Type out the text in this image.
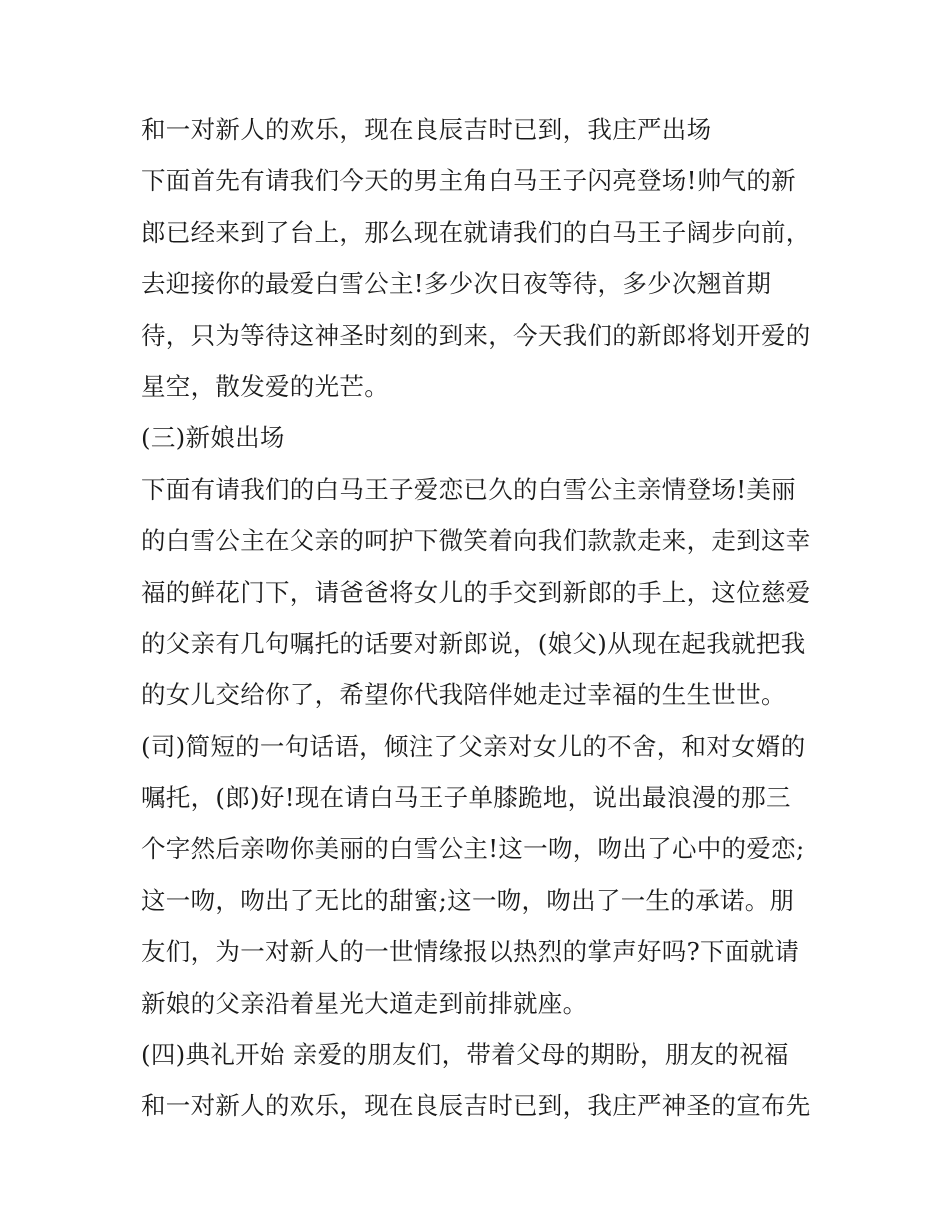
和一对新人的欢乐，现在良辰吉时已到，我庄严出场
下面首先有请我们今天的男主角白马王子闪亮登场!帅气的新
郎已经来到了台上，那么现在就请我们的白马王子阔步向前，
去迎接你的最爱白雪公主!多少次日夜等待，多少次翘首期
待，只为等待这神圣时刻的到来，今天我们的新郎将划开爱的
星空，散发爱的光芒。
(三)新娘出场
下面有请我们的白马王子爱恋已久的白雪公主亲情登场!美丽
的白雪公主在父亲的呵护下微笑着向我们款款走来，走到这幸
福的鲜花门下，请爸爸将女儿的手交到新郎的手上，这位慈爱
的父亲有几句嘱托的话要对新郎说，(娘父)从现在起我就把我
的女儿交给你了，希望你代我陪伴她走过幸福的生生世世。
(司)简短的一句话语，倾注了父亲对女儿的不舍，和对女婿的
嘱托，(郎)好!现在请白马王子单膝跪地，说出最浪漫的那三
个字然后亲吻你美丽的白雪公主!这一吻，吻出了心中的爱恋;
这一吻，吻出了无比的甜蜜;这一吻，吻出了一生的承诺。朋
友们，为一对新人的一世情缘报以热烈的掌声好吗?下面就请
新娘的父亲沿着星光大道走到前排就座。
(四)典礼开始 亲爱的朋友们，带着父母的期盼，朋友的祝福
和一对新人的欢乐，现在良辰吉时已到，我庄严神圣的宣布先
